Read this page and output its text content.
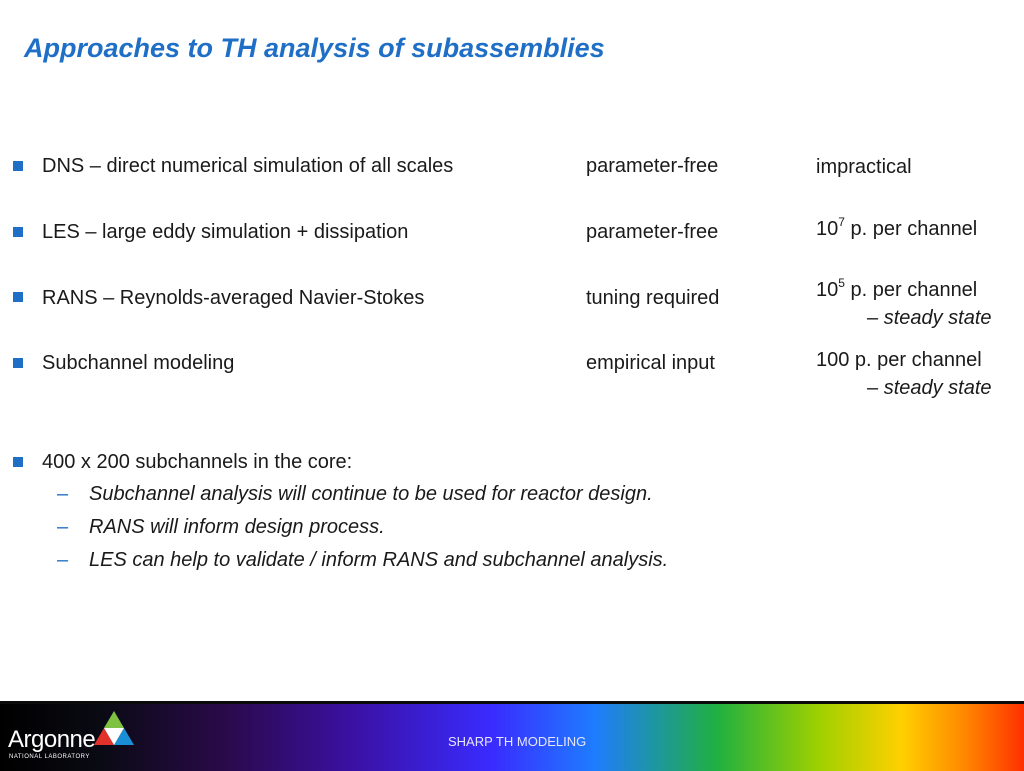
Approaches to TH analysis of subassemblies
DNS – direct numerical simulation of all scales	parameter-free	impractical
LES – large eddy simulation + dissipation	parameter-free	$10^7$ p. per channel
RANS – Reynolds-averaged Navier-Stokes	tuning required	$10^5$ p. per channel
– steady state
Subchannel modeling	empirical input	100 p. per channel
– steady state
400 x 200 subchannels in the core:
– Subchannel analysis will continue to be used for reactor design.
– RANS will inform design process.
– LES can help to validate / inform RANS and subchannel analysis.
Argonne
NATIONAL LABORATORY
SHARP TH MODELING
